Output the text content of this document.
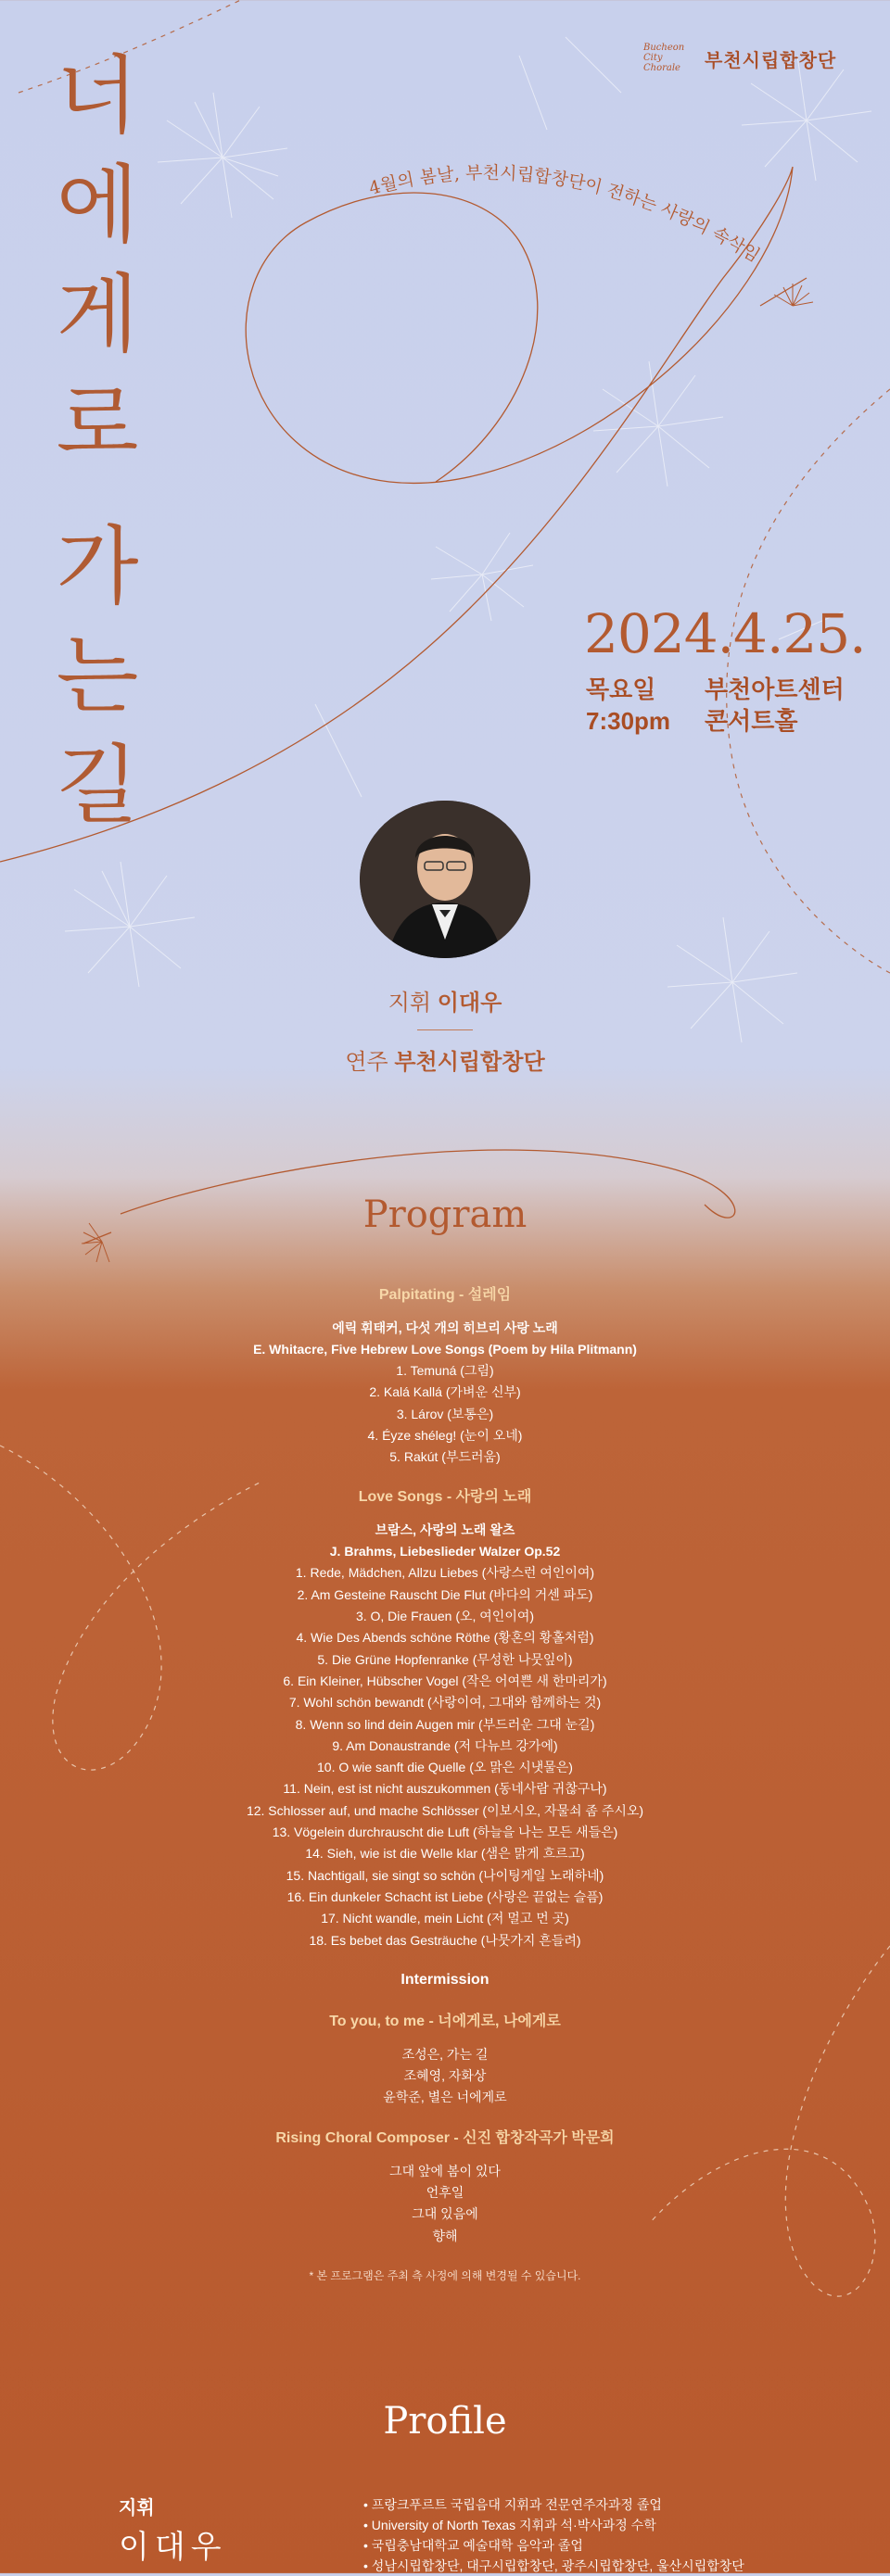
Bucheon City Chorale	부천시립합창단
너
에
게
로
가
는
길
4월의 봄날, 부천시립합창단이 전하는 사랑의 속삭임
2024.4.25.
목요일
7:30pm
부천아트센터
콘서트홀
지휘 이대우
연주 부천시립합창단
Program
Palpitating - 설레임
에릭 휘태커, 다섯 개의 히브리 사랑 노래
E. Whitacre, Five Hebrew Love Songs (Poem by Hila Plitmann)
1. Temuná (그림)
2. Kalá Kallá (가벼운 신부)
3. Lárov (보통은)
4. Éyze shéleg! (눈이 오네)
5. Rakút (부드러움)
Love Songs - 사랑의 노래
브람스, 사랑의 노래 왈츠
J. Brahms, Liebeslieder Walzer Op.52
1. Rede, Mädchen, Allzu Liebes (사랑스런 여인이여)
2. Am Gesteine Rauscht Die Flut (바다의 거센 파도)
3. O, Die Frauen (오, 여인이여)
4. Wie Des Abends schöne Röthe (황혼의 황홀처럼)
5. Die Grüne Hopfenranke (무성한 나뭇잎이)
6. Ein Kleiner, Hübscher Vogel (작은 어여쁜 새 한마리가)
7. Wohl schön bewandt (사랑이여, 그대와 함께하는 것)
8. Wenn so lind dein Augen mir (부드러운 그대 눈길)
9. Am Donaustrande (저 다뉴브 강가에)
10. O wie sanft die Quelle (오 맑은 시냇물은)
11. Nein, est ist nicht auszukommen (동네사람 귀찮구나)
12. Schlosser auf, und mache Schlösser (이보시오, 자물쇠 좀 주시오)
13. Vögelein durchrauscht die Luft (하늘을 나는 모든 새들은)
14. Sieh, wie ist die Welle klar (샘은 맑게 흐르고)
15. Nachtigall, sie singt so schön (나이팅게일 노래하네)
16. Ein dunkeler Schacht ist Liebe (사랑은 끝없는 슬픔)
17. Nicht wandle, mein Licht (저 멀고 먼 곳)
18. Es bebet das Gesträuche (나뭇가지 흔들려)
Intermission
To you, to me - 너에게로, 나에게로
조성은, 가는 길
조혜영, 자화상
윤학준, 별은 너에게로
Rising Choral Composer - 신진 합창작곡가 박문희
그대 앞에 봄이 있다
언후일
그대 있음에
향해
* 본 프로그램은 주최 측 사정에 의해 변경될 수 있습니다.
Profile
지휘
이대우
• 프랑크푸르트 국립음대 지휘과 전문연주자과정 졸업
• University of North Texas 지휘과 석·박사과정 수학
• 국립충남대학교 예술대학 음악과 졸업
• 성남시립합창단, 대구시립합창단, 광주시립합창단, 울산시립합창단
